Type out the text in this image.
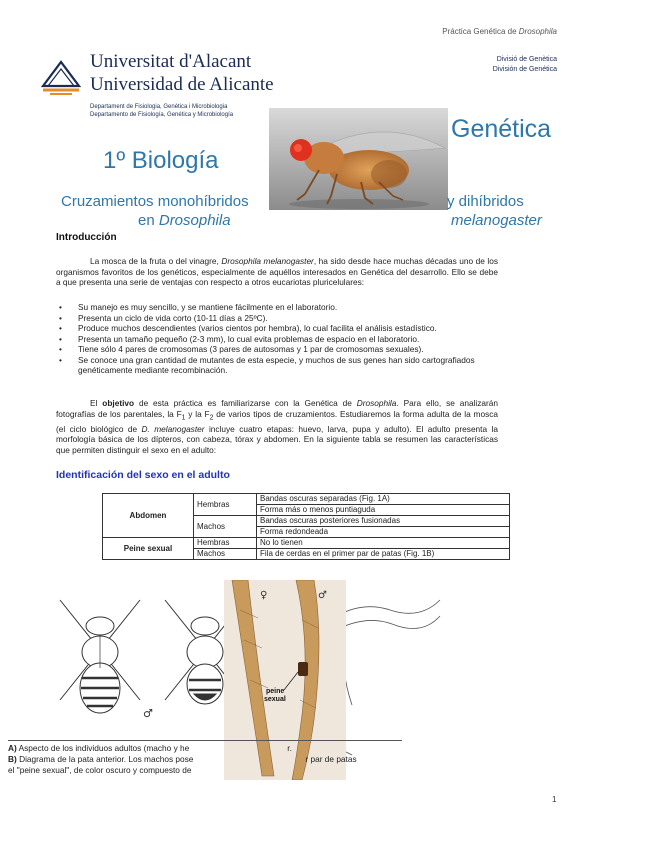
Práctica Genética de Drosophila
Universitat d'Alacant
Universidad de Alicante
Departament de Fisiologia, Genètica i Microbiologia
Departamento de Fisiología, Genética y Microbiología
Divisió de Genètica
División de Genética
Genética
1º Biología
Cruzamientos monohíbridos	y dihíbridos
en Drosophila	melanogaster
Introducción
La mosca de la fruta o del vinagre, Drosophila melanogaster, ha sido desde hace muchas décadas uno de los organismos favoritos de los genéticos, especialmente de aquéllos interesados en Genética del desarrollo. Ello se debe a que presenta una serie de ventajas con respecto a otros eucariotas pluricelulares:
• Su manejo es muy sencillo, y se mantiene fácilmente en el laboratorio.
• Presenta un ciclo de vida corto (10-11 días a 25ºC).
• Produce muchos descendientes (varios cientos por hembra), lo cual facilita el análisis estadístico.
• Presenta un tamaño pequeño (2-3 mm), lo cual evita problemas de espacio en el laboratorio.
• Tiene sólo 4 pares de cromosomas (3 pares de autosomas y 1 par de cromosomas sexuales).
• Se conoce una gran cantidad de mutantes de esta especie, y muchos de sus genes han sido cartografiados genéticamente mediante recombinación.
El objetivo de esta práctica es familiarizarse con la Genética de Drosophila. Para ello, se analizarán fotografías de los parentales, la $F_1$ y la $F_2$ de varios tipos de cruzamientos. Estudiaremos la forma adulta de la mosca (el ciclo biológico de D. melanogaster incluye cuatro etapas: huevo, larva, pupa y adulto). El adulto presenta la morfología básica de los dípteros, con cabeza, tórax y abdomen. En la siguiente tabla se resumen las características que permiten distinguir el sexo en el adulto:
Identificación del sexo en el adulto
Abdomen	Hembras	Bandas oscuras separadas (Fig. 1A)
		Forma más o menos puntiaguda
	Machos	Bandas oscuras posteriores fusionadas
		Forma redondeada
Peine sexual	Hembras	No lo tienen
	Machos	Fila de cerdas en el primer par de patas (Fig. 1B)
♂
♀	♂
peine
sexual
A) Aspecto de los individuos adultos (macho y he	r.
B) Diagrama de la pata anterior. Los machos pose	r par de patas
el "peine sexual", de color oscuro y compuesto de
1
